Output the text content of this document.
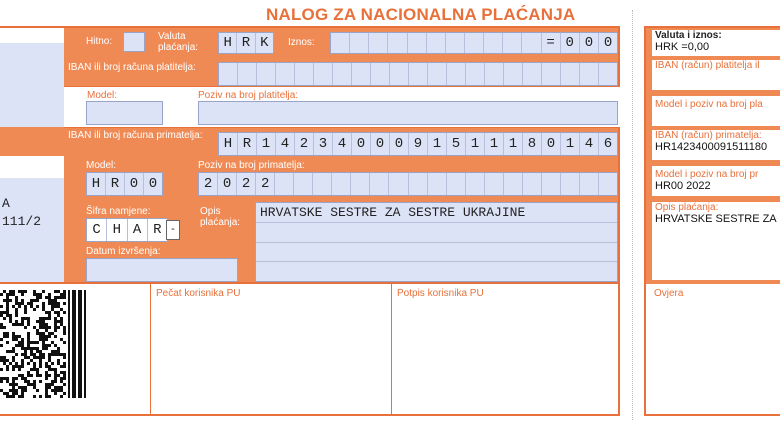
NALOG ZA NACIONALNA PLAĆANJA
A
111/2
Hitno:	Valuta plaćanja:	H R K	Iznos:	= 0 0 0
IBAN ili broj računa platitelja:
Model:	Poziv na broj platitelja:
IBAN ili broj računa primatelja:
H R 1 4 2 3 4 0 0 0 9 1 5 1 1 1 8 0 1 4 6
Model:
H R 0 0
Poziv na broj primatelja:
2 0 2 2
Šifra namjene:
C H A R -
Opis plaćanja:
HRVATSKE SESTRE ZA SESTRE UKRAJINE
Datum izvršenja:
Pečat korisnika PU	Potpis korisnika PU
Valuta i iznos:
HRK =0,00
IBAN (račun) platitelja il
Model i poziv na broj pla
IBAN (račun) primatelja:
HR1423400091511180
Model i poziv na broj pr
HR00 2022
Opis plaćanja:
HRVATSKE SESTRE ZA
Ovjera
